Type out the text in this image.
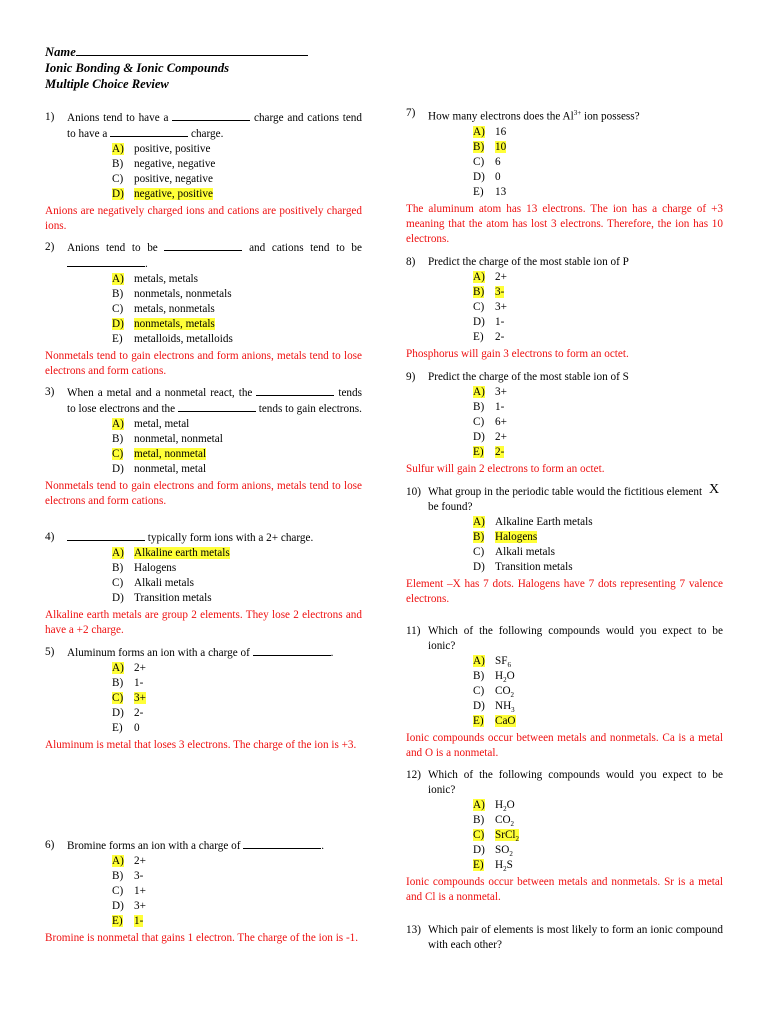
Name
Ionic Bonding & Ionic Compounds
Multiple Choice Review
1) Anions tend to have a	charge and cations tend to have a	charge.
A) positive, positive
B) negative, negative
C) positive, negative
D) negative, positive
Anions are negatively charged ions and cations are positively charged ions.
2) Anions tend to be	and cations tend to be .
A) metals, metals
B) nonmetals, nonmetals
C) metals, nonmetals
D) nonmetals, metals
E) metalloids, metalloids
Nonmetals tend to gain electrons and form anions, metals tend to lose electrons and form cations.
3) When a metal and a nonmetal react, the	tends to lose electrons and the	tends to gain electrons.
A) metal, metal
B) nonmetal, nonmetal
C) metal, nonmetal
D) nonmetal, metal
Nonmetals tend to gain electrons and form anions, metals tend to lose electrons and form cations.
4)	typically form ions with a 2+ charge.
A) Alkaline earth metals
B) Halogens
C) Alkali metals
D) Transition metals
Alkaline earth metals are group 2 elements. They lose 2 electrons and have a +2 charge.
5) Aluminum forms an ion with a charge of	.
A) 2+
B) 1-
C) 3+
D) 2-
E) 0
Aluminum is metal that loses 3 electrons. The charge of the ion is +3.
6) Bromine forms an ion with a charge of	.
A) 2+
B) 3-
C) 1+
D) 3+
E) 1-
Bromine is nonmetal that gains 1 electron. The charge of the ion is -1.
7) How many electrons does the $Al^{3+}$ ion possess?
A) 16
B) 10
C) 6
D) 0
E) 13
The aluminum atom has 13 electrons. The ion has a charge of +3 meaning that the atom has lost 3 electrons. Therefore, the ion has 10 electrons.
8) Predict the charge of the most stable ion of P
A) 2+
B) 3-
C) 3+
D) 1-
E) 2-
Phosphorus will gain 3 electrons to form an octet.
9) Predict the charge of the most stable ion of S
A) 3+
B) 1-
C) 6+
D) 2+
E) 2-
Sulfur will gain 2 electrons to form an octet.
10) What group in the periodic table would the fictitious element X
be found?
A) Alkaline Earth metals
B) Halogens
C) Alkali metals
D) Transition metals
Element –X has 7 dots. Halogens have 7 dots representing 7 valence electrons.
11) Which of the following compounds would you expect to be ionic?
A) $SF_6$
B) $H_2O$
C) $CO_2$
D) $NH_3$
E) CaO
Ionic compounds occur between metals and nonmetals. Ca is a metal and O is a nonmetal.
12) Which of the following compounds would you expect to be ionic?
A) $H_2O$
B) $CO_2$
C) SrCl$_2$
D) $SO_2$
E) $H_2S$
Ionic compounds occur between metals and nonmetals. Sr is a metal and Cl is a nonmetal.
13) Which pair of elements is most likely to form an ionic compound with each other?
